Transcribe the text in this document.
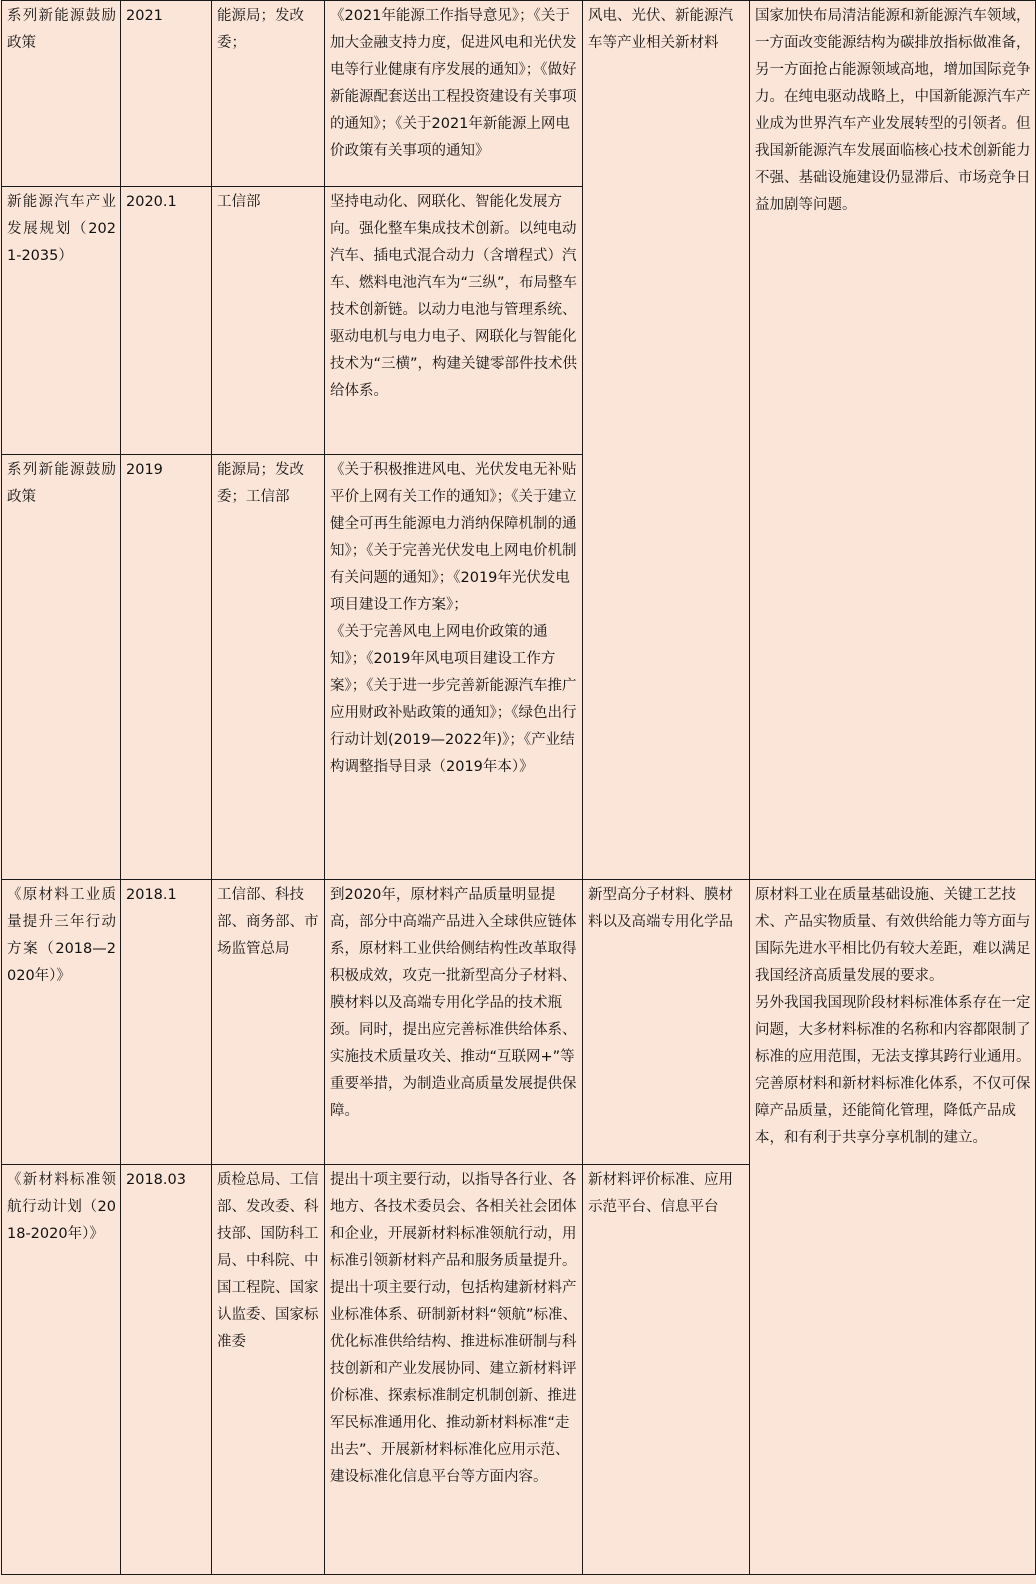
系列新能源鼓励政策	2021	能源局；发改委；	《2021年能源工作指导意见》；《关于加大金融支持力度，促进风电和光伏发电等行业健康有序发展的通知》；《做好新能源配套送出工程投资建设有关事项的通知》；《关于2021年新能源上网电价政策有关事项的通知》	风电、光伏、新能源汽车等产业相关新材料	国家加快布局清洁能源和新能源汽车领域，一方面改变能源结构为碳排放指标做准备，另一方面抢占能源领域高地，增加国际竞争力。在纯电驱动战略上，中国新能源汽车产业成为世界汽车产业发展转型的引领者。但我国新能源汽车发展面临核心技术创新能力不强、基础设施建设仍显滞后、市场竞争日益加剧等问题。
新能源汽车产业发展规划（2021-2035）	2020.1	工信部	坚持电动化、网联化、智能化发展方向。强化整车集成技术创新。以纯电动汽车、插电式混合动力（含增程式）汽车、燃料电池汽车为“三纵”，布局整车技术创新链。以动力电池与管理系统、驱动电机与电力电子、网联化与智能化技术为“三横”，构建关键零部件技术供给体系。		
系列新能源鼓励政策	2019	能源局；发改委；工信部	《关于积极推进风电、光伏发电无补贴平价上网有关工作的通知》；《关于建立健全可再生能源电力消纳保障机制的通知》；《关于完善光伏发电上网电价机制有关问题的通知》；《2019年光伏发电项目建设工作方案》；
《关于完善风电上网电价政策的通知》；《2019年风电项目建设工作方案》；《关于进一步完善新能源汽车推广应用财政补贴政策的通知》；《绿色出行行动计划(2019—2022年)》；《产业结构调整指导目录（2019年本）》		
《原材料工业质量提升三年行动方案（2018—2020年）》	2018.1	工信部、科技部、商务部、市场监管总局	到2020年，原材料产品质量明显提高，部分中高端产品进入全球供应链体系，原材料工业供给侧结构性改革取得积极成效，攻克一批新型高分子材料、膜材料以及高端专用化学品的技术瓶颈。同时，提出应完善标准供给体系、实施技术质量攻关、推动“互联网+”等重要举措，为制造业高质量发展提供保障。	新型高分子材料、膜材料以及高端专用化学品	原材料工业在质量基础设施、关键工艺技术、产品实物质量、有效供给能力等方面与国际先进水平相比仍有较大差距，难以满足我国经济高质量发展的要求。
另外我国我国现阶段材料标准体系存在一定问题，大多材料标准的名称和内容都限制了标准的应用范围，无法支撑其跨行业通用。完善原材料和新材料标准化体系，不仅可保障产品质量，还能简化管理，降低产品成本，和有利于共享分享机制的建立。
《新材料标准领航行动计划（2018-2020年）》	2018.03	质检总局、工信部、发改委、科技部、国防科工局、中科院、中国工程院、国家认监委、国家标准委	提出十项主要行动，以指导各行业、各地方、各技术委员会、各相关社会团体和企业，开展新材料标准领航行动，用标准引领新材料产品和服务质量提升。提出十项主要行动，包括构建新材料产业标准体系、研制新材料“领航”标准、优化标准供给结构、推进标准研制与科技创新和产业发展协同、建立新材料评价标准、探索标准制定机制创新、推进军民标准通用化、推动新材料标准“走出去”、开展新材料标准化应用示范、建设标准化信息平台等方面内容。	新材料评价标准、应用示范平台、信息平台	
